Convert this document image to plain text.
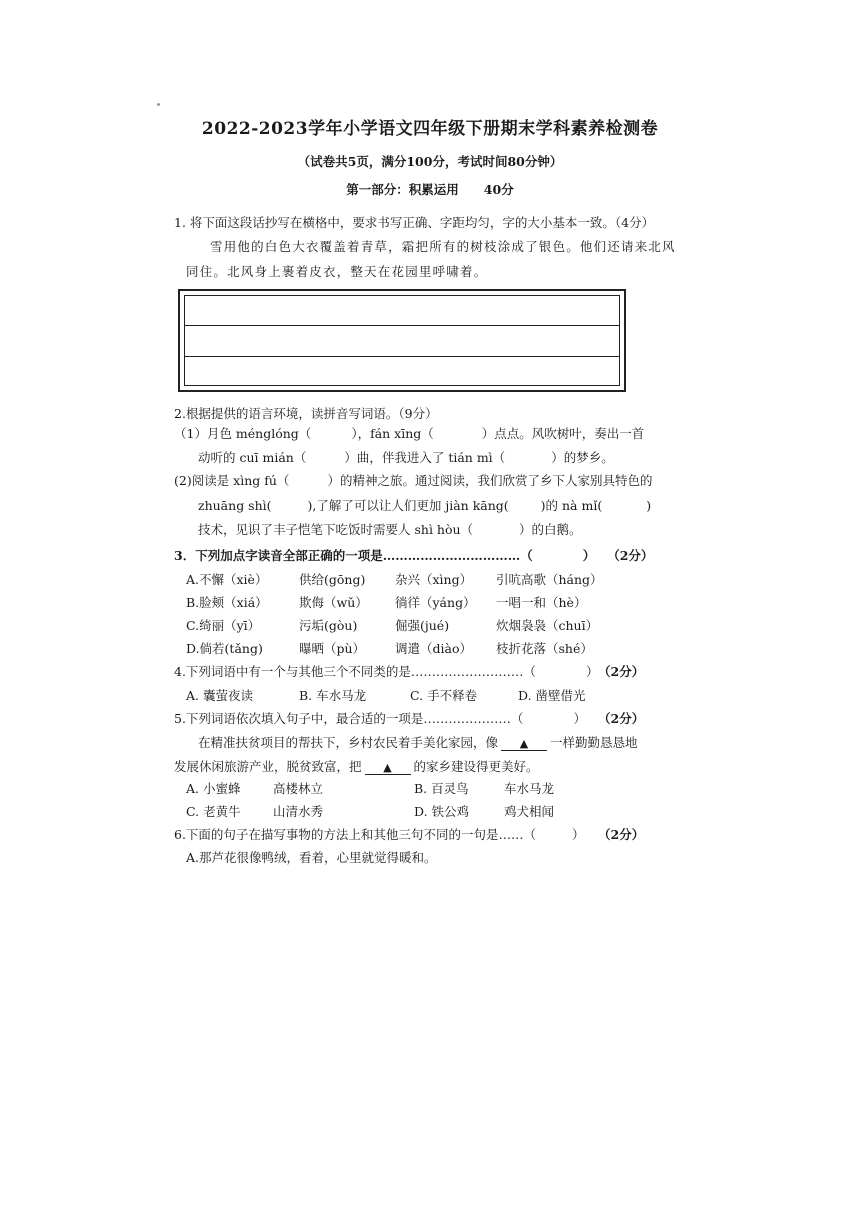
2022-2023学年小学语文四年级下册期末学科素养检测卷
（试卷共5页，满分100分，考试时间80分钟）
第一部分：积累运用　　40分
1. 将下面这段话抄写在横格中，要求书写正确、字距均匀，字的大小基本一致。（4分）
雪用他的白色大衣覆盖着青草，霜把所有的树枝涂成了银色。他们还请来北风
同住。北风身上裹着皮衣，整天在花园里呼啸着。
2.根据提供的语言环境，读拼音写词语。（9分）
（1）月色 ménglóng（	），fán xīng（	）点点。风吹树叶，奏出一首
动听的 cuī mián（	）曲，伴我进入了 tián mì（	）的梦乡。
(2)阅读是 xìng fú（	）的精神之旅。通过阅读，我们欣赏了乡下人家别具特色的
zhuāng shì(	),了解了可以让人们更加 jiàn kāng(	)的 nà mǐ(	)
技术，见识了丰子恺笔下吃饭时需要人 shì hòu（	）的白鹅。
3．下列加点字读音全部正确的一项是……………………………（	） （2分）
A.不懈（xiè）	供给(gōng) 杂兴（xìng） 引吭高歌（háng）
B.脸颊（xiá）	欺侮（wǔ） 徜徉（yáng） 一唱一和（hè）
C.绮丽（yī）	污垢(gòu)	倔强(jué)	炊烟袅袅（chuī）
D.倘若(tǎng)	曝晒（pù） 调遣（diào） 枝折花落（shé）
4.下列词语中有一个与其他三个不同类的是………………………（	） （2分）
A. 囊萤夜读	B. 车水马龙	C. 手不释卷	D. 凿壁借光
5.下列词语依次填入句子中，最合适的一项是…………………（	） （2分）
在精准扶贫项目的帮扶下，乡村农民着手美化家园，像 ▲ 一样勤勤恳恳地
发展休闲旅游产业，脱贫致富，把 ▲ 的家乡建设得更美好。
A. 小蜜蜂	高楼林立	B. 百灵鸟	车水马龙
C. 老黄牛	山清水秀	D. 铁公鸡	鸡犬相闻
6.下面的句子在描写事物的方法上和其他三句不同的一句是……（	） （2分）
A.那芦花很像鸭绒，看着，心里就觉得暖和。
